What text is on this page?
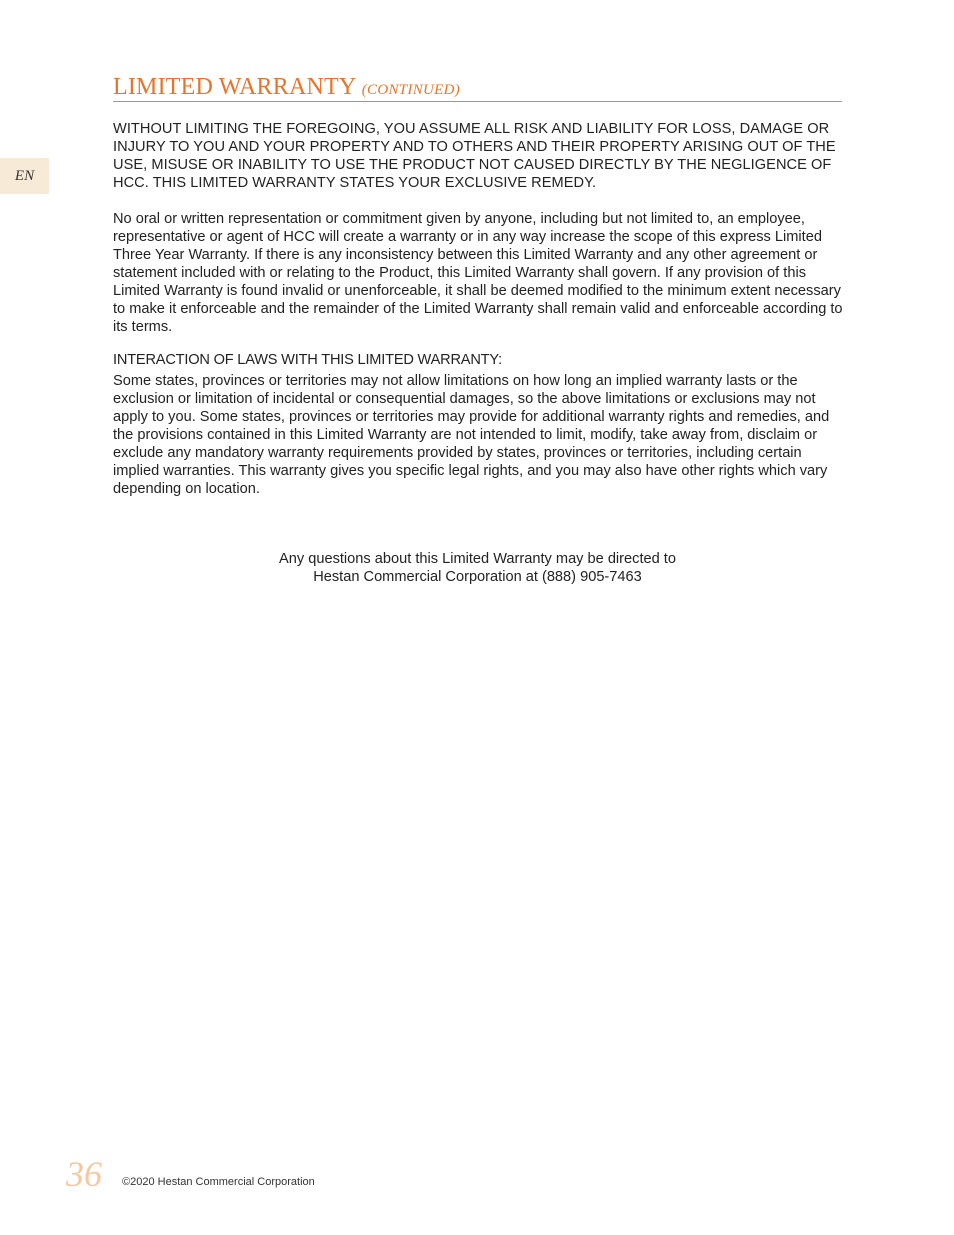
LIMITED WARRANTY (CONTINUED)
EN

WITHOUT LIMITING THE FOREGOING, YOU ASSUME ALL RISK AND LIABILITY FOR LOSS, DAMAGE OR INJURY TO YOU AND YOUR PROPERTY AND TO OTHERS AND THEIR PROPERTY ARISING OUT OF THE USE, MISUSE OR INABILITY TO USE THE PRODUCT NOT CAUSED DIRECTLY BY THE NEGLIGENCE OF HCC. THIS LIMITED WARRANTY STATES YOUR EXCLUSIVE REMEDY.

No oral or written representation or commitment given by anyone, including but not limited to, an employee, representative or agent of HCC will create a warranty or in any way increase the scope of this express Limited Three Year Warranty. If there is any inconsistency between this Limited Warranty and any other agreement or statement included with or relating to the Product, this Limited Warranty shall govern. If any provision of this Limited Warranty is found invalid or unenforceable, it shall be deemed modified to the minimum extent necessary to make it enforceable and the remainder of the Limited Warranty shall remain valid and enforceable according to its terms.

INTERACTION OF LAWS WITH THIS LIMITED WARRANTY:

Some states, provinces or territories may not allow limitations on how long an implied warranty lasts or the exclusion or limitation of incidental or consequential damages, so the above limitations or exclusions may not apply to you. Some states, provinces or territories may provide for additional warranty rights and remedies, and the provisions contained in this Limited Warranty are not intended to limit, modify, take away from, disclaim or exclude any mandatory warranty requirements provided by states, provinces or territories, including certain implied warranties. This warranty gives you specific legal rights, and you may also have other rights which vary depending on location.

Any questions about this Limited Warranty may be directed to
Hestan Commercial Corporation at (888) 905-7463
36 ©2020 Hestan Commercial Corporation
